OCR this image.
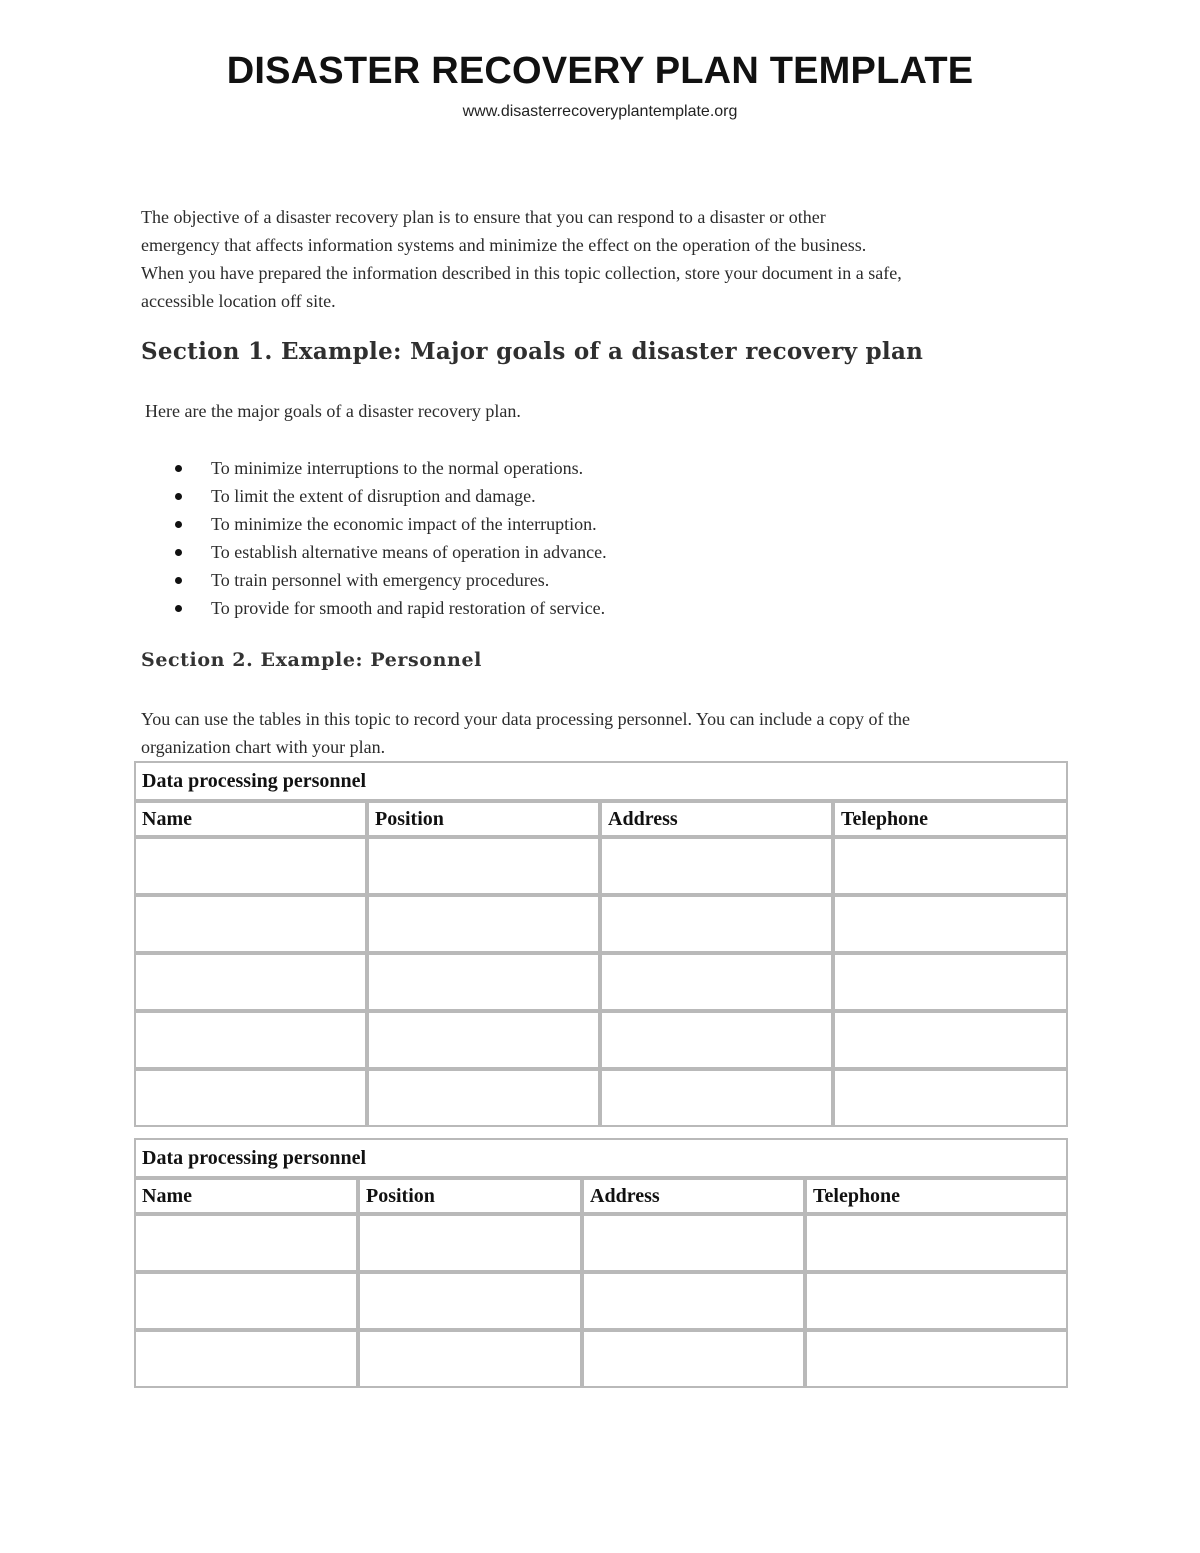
DISASTER RECOVERY PLAN TEMPLATE
www.disasterrecoveryplantemplate.org
The objective of a disaster recovery plan is to ensure that you can respond to a disaster or other
emergency that affects information systems and minimize the effect on the operation of the business.
When you have prepared the information described in this topic collection, store your document in a safe,
accessible location off site.
Section 1. Example: Major goals of a disaster recovery plan
Here are the major goals of a disaster recovery plan.
To minimize interruptions to the normal operations.
To limit the extent of disruption and damage.
To minimize the economic impact of the interruption.
To establish alternative means of operation in advance.
To train personnel with emergency procedures.
To provide for smooth and rapid restoration of service.
Section 2. Example: Personnel
You can use the tables in this topic to record your data processing personnel. You can include a copy of the
organization chart with your plan.
Data processing personnel			
Name	Position	Address	Telephone

Data processing personnel			
Name	Position	Address	Telephone
